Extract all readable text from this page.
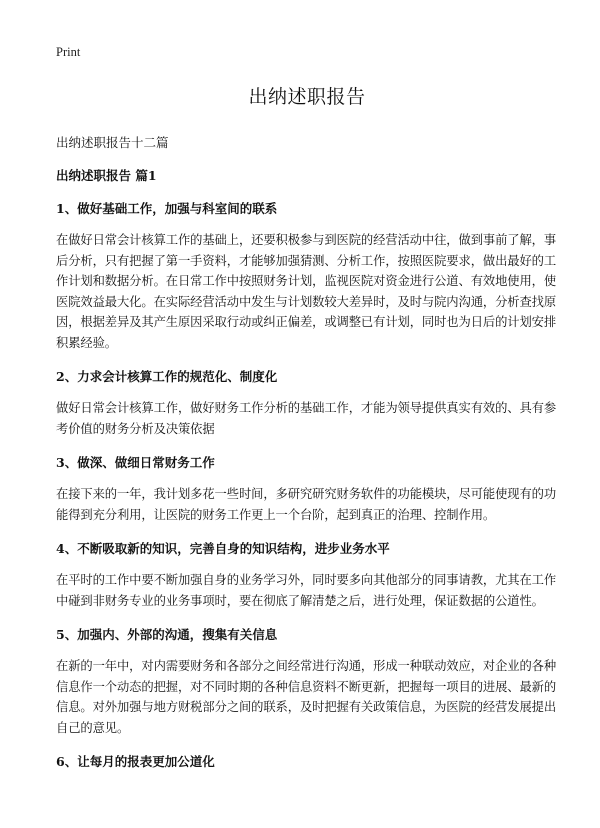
Print

出纳述职报告

出纳述职报告十二篇

出纳述职报告 篇1

1、做好基础工作，加强与科室间的联系

在做好日常会计核算工作的基础上，还要积极参与到医院的经营活动中往，做到事前了解，事后分析，只有把握了第一手资料，才能够加强猜测、分析工作，按照医院要求，做出最好的工作计划和数据分析。在日常工作中按照财务计划，监视医院对资金进行公道、有效地使用，使医院效益最大化。在实际经营活动中发生与计划数较大差异时，及时与院内沟通，分析查找原因，根据差异及其产生原因采取行动或纠正偏差，或调整已有计划，同时也为日后的计划安排积累经验。

2、力求会计核算工作的规范化、制度化

做好日常会计核算工作，做好财务工作分析的基础工作，才能为领导提供真实有效的、具有参考价值的财务分析及决策依据

3、做深、做细日常财务工作

在接下来的一年，我计划多花一些时间，多研究研究财务软件的功能模块，尽可能使现有的功能得到充分利用，让医院的财务工作更上一个台阶，起到真正的治理、控制作用。

4、不断吸取新的知识，完善自身的知识结构，进步业务水平

在平时的工作中要不断加强自身的业务学习外，同时要多向其他部分的同事请教，尤其在工作中碰到非财务专业的业务事项时，要在彻底了解清楚之后，进行处理，保证数据的公道性。

5、加强内、外部的沟通，搜集有关信息

在新的一年中，对内需要财务和各部分之间经常进行沟通，形成一种联动效应，对企业的各种信息作一个动态的把握，对不同时期的各种信息资料不断更新，把握每一项目的进展、最新的信息。对外加强与地方财税部分之间的联系，及时把握有关政策信息，为医院的经营发展提出自己的意见。

6、让每月的报表更加公道化
